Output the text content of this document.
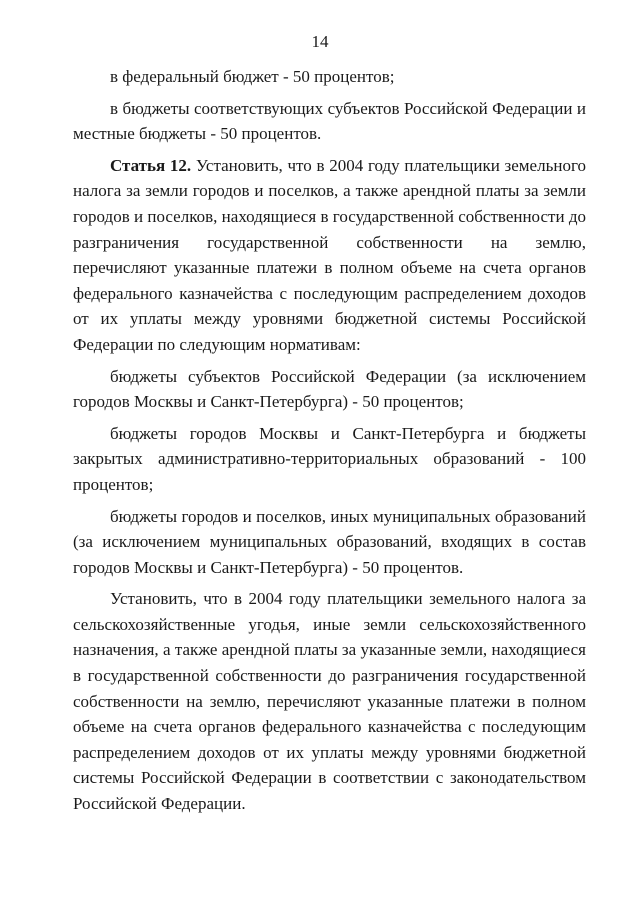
14

в федеральный бюджет - 50 процентов;

в бюджеты соответствующих субъектов Российской Федерации и местные бюджеты - 50 процентов.

Статья 12. Установить, что в 2004 году плательщики земельного налога за земли городов и поселков, а также арендной платы за земли городов и поселков, находящиеся в государственной собственности до разграничения государственной собственности на землю, перечисляют указанные платежи в полном объеме на счета органов федерального казначейства с последующим распределением доходов от их уплаты между уровнями бюджетной системы Российской Федерации по следующим нормативам:

бюджеты субъектов Российской Федерации (за исключением городов Москвы и Санкт-Петербурга) - 50 процентов;

бюджеты городов Москвы и Санкт-Петербурга и бюджеты закрытых административно-территориальных образований - 100 процентов;

бюджеты городов и поселков, иных муниципальных образований (за исключением муниципальных образований, входящих в состав городов Москвы и Санкт-Петербурга) - 50 процентов.

Установить, что в 2004 году плательщики земельного налога за сельскохозяйственные угодья, иные земли сельскохозяйственного назначения, а также арендной платы за указанные земли, находящиеся в государственной собственности до разграничения государственной собственности на землю, перечисляют указанные платежи в полном объеме на счета органов федерального казначейства с последующим распределением доходов от их уплаты между уровнями бюджетной системы Российской Федерации в соответствии с законодательством Российской Федерации.
